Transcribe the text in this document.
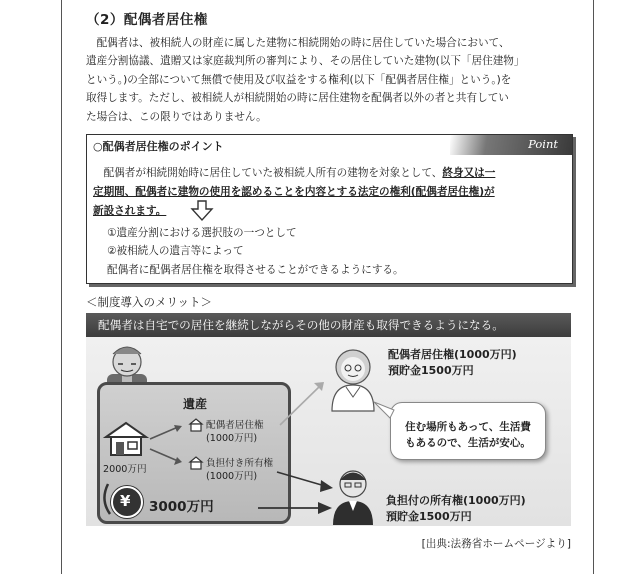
（2）配偶者居住権
　配偶者は、被相続人の財産に属した建物に相続開始の時に居住していた場合において、
遺産分割協議、遺贈又は家庭裁判所の審判により、その居住していた建物(以下「居住建物」
という。)の全部について無償で使用及び収益をする権利(以下「配偶者居住権」という。)を
取得します。ただし、被相続人が相続開始の時に居住建物を配偶者以外の者と共有してい
た場合は、この限りではありません。
○配偶者居住権のポイント	Point
　配偶者が相続開始時に居住していた被相続人所有の建物を対象として、終身又は一
定期間、配偶者に建物の使用を認めることを内容とする法定の権利(配偶者居住権)が
新設されます。
①遺産分割における選択肢の一つとして
②被相続人の遺言等によって
配偶者に配偶者居住権を取得させることができるようにする。
＜制度導入のメリット＞
配偶者は自宅での居住を継続しながらその他の財産も取得できるようになる。
遺産
2000万円
配偶者居住権
(1000万円)
負担付き所有権
(1000万円)
¥ 3000万円
配偶者居住権(1000万円)
預貯金1500万円
住む場所もあって、生活費
もあるので、生活が安心。
負担付の所有権(1000万円)
預貯金1500万円
[出典:法務省ホームページより]
